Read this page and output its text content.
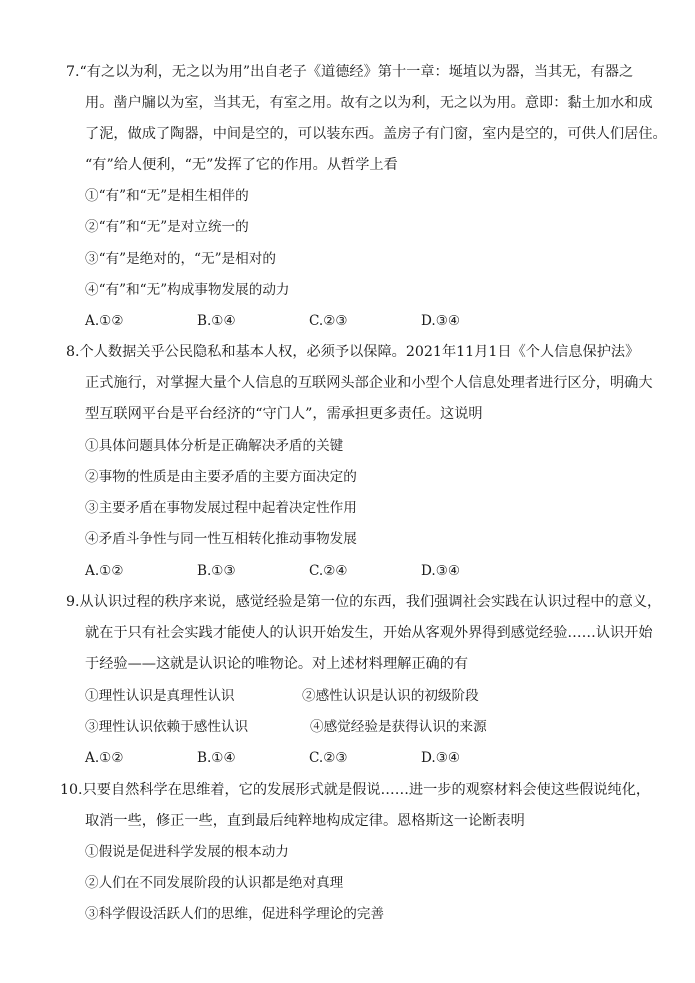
7.“有之以为利，无之以为用”出自老子《道德经》第十一章：埏埴以为器，当其无，有器之
用。凿户牖以为室，当其无，有室之用。故有之以为利，无之以为用。意即：黏土加水和成
了泥，做成了陶器，中间是空的，可以装东西。盖房子有门窗，室内是空的，可供人们居住。
“有”给人便利，“无”发挥了它的作用。从哲学上看
①“有”和“无”是相生相伴的
②“有”和“无”是对立统一的
③“有”是绝对的，“无”是相对的
④“有”和“无”构成事物发展的动力
A.①②	B.①④	C.②③	D.③④
8.个人数据关乎公民隐私和基本人权，必须予以保障。2021年11月1日《个人信息保护法》
正式施行，对掌握大量个人信息的互联网头部企业和小型个人信息处理者进行区分，明确大
型互联网平台是平台经济的“守门人”，需承担更多责任。这说明
①具体问题具体分析是正确解决矛盾的关键
②事物的性质是由主要矛盾的主要方面决定的
③主要矛盾在事物发展过程中起着决定性作用
④矛盾斗争性与同一性互相转化推动事物发展
A.①②	B.①③	C.②④	D.③④
9.从认识过程的秩序来说，感觉经验是第一位的东西，我们强调社会实践在认识过程中的意义，
就在于只有社会实践才能使人的认识开始发生，开始从客观外界得到感觉经验……认识开始
于经验——这就是认识论的唯物论。对上述材料理解正确的有
①理性认识是真理性认识	②感性认识是认识的初级阶段
③理性认识依赖于感性认识	④感觉经验是获得认识的来源
A.①②	B.①④	C.②③	D.③④
10.只要自然科学在思维着，它的发展形式就是假说……进一步的观察材料会使这些假说纯化，
取消一些，修正一些，直到最后纯粹地构成定律。恩格斯这一论断表明
①假说是促进科学发展的根本动力
②人们在不同发展阶段的认识都是绝对真理
③科学假设活跃人们的思维，促进科学理论的完善
